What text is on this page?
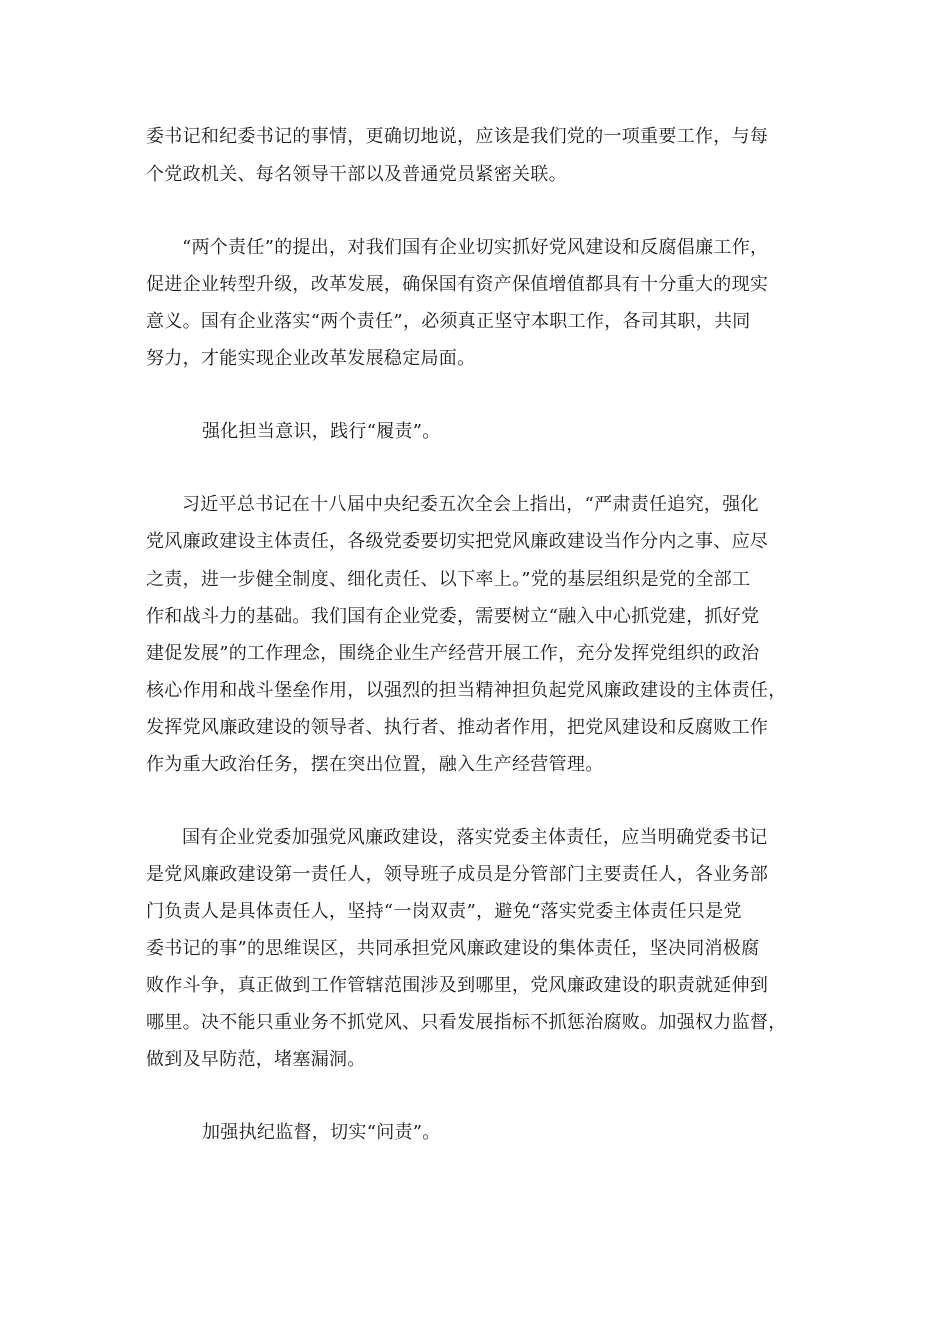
委书记和纪委书记的事情，更确切地说，应该是我们党的一项重要工作，与每

个党政机关、每名领导干部以及普通党员紧密关联。

“两个责任”的提出，对我们国有企业切实抓好党风建设和反腐倡廉工作，

促进企业转型升级，改革发展，确保国有资产保值增值都具有十分重大的现实

意义。国有企业落实“两个责任”，必须真正坚守本职工作，各司其职，共同

努力，才能实现企业改革发展稳定局面。

强化担当意识，践行“履责”。

习近平总书记在十八届中央纪委五次全会上指出，“严肃责任追究，强化

党风廉政建设主体责任，各级党委要切实把党风廉政建设当作分内之事、应尽

之责，进一步健全制度、细化责任、以下率上。”党的基层组织是党的全部工

作和战斗力的基础。我们国有企业党委，需要树立“融入中心抓党建，抓好党

建促发展”的工作理念，围绕企业生产经营开展工作，充分发挥党组织的政治

核心作用和战斗堡垒作用，以强烈的担当精神担负起党风廉政建设的主体责任，

发挥党风廉政建设的领导者、执行者、推动者作用，把党风建设和反腐败工作

作为重大政治任务，摆在突出位置，融入生产经营管理。

国有企业党委加强党风廉政建设，落实党委主体责任，应当明确党委书记

是党风廉政建设第一责任人，领导班子成员是分管部门主要责任人，各业务部

门负责人是具体责任人，坚持“一岗双责”，避免“落实党委主体责任只是党

委书记的事”的思维误区，共同承担党风廉政建设的集体责任，坚决同消极腐

败作斗争，真正做到工作管辖范围涉及到哪里，党风廉政建设的职责就延伸到

哪里。决不能只重业务不抓党风、只看发展指标不抓惩治腐败。加强权力监督，

做到及早防范，堵塞漏洞。

加强执纪监督，切实“问责”。
